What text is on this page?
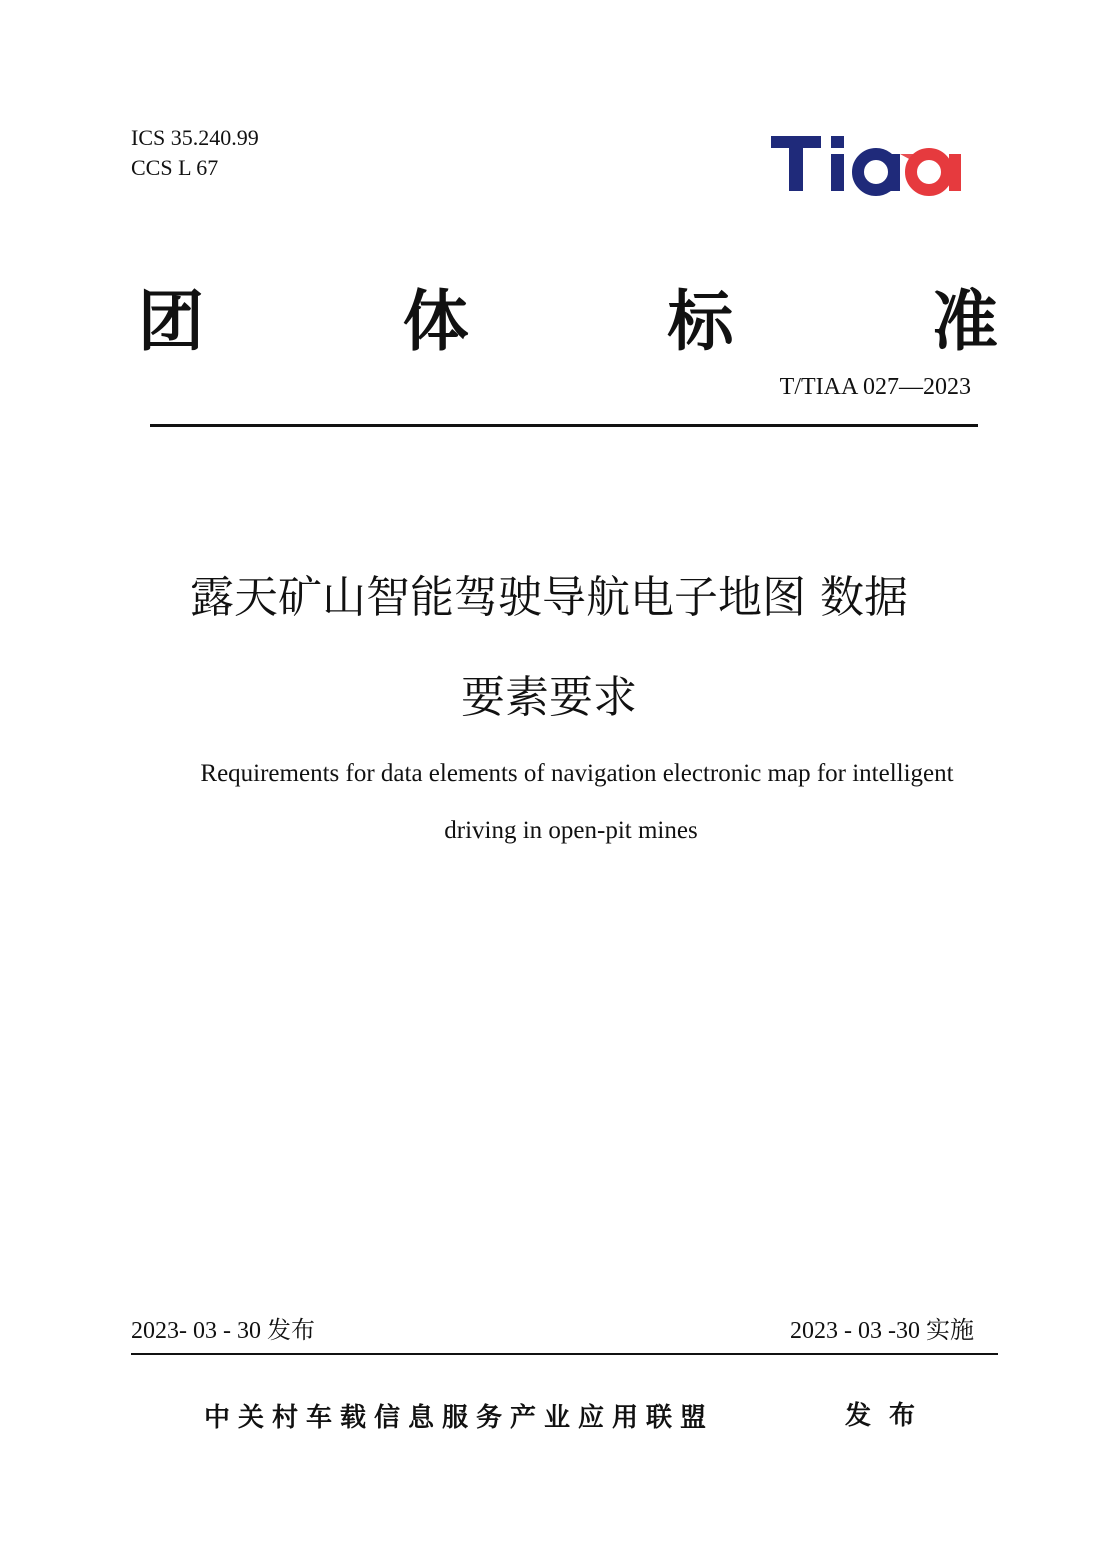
ICS 35.240.99
CCS L 67
团	体	标	准
T/TIAA 027—2023
露天矿山智能驾驶导航电子地图 数据
要素要求
Requirements for data elements of navigation electronic map for intelligent
driving in open-pit mines
2023- 03 - 30 发布	2023 - 03 -30 实施
中关村车载信息服务产业应用联盟	发布
